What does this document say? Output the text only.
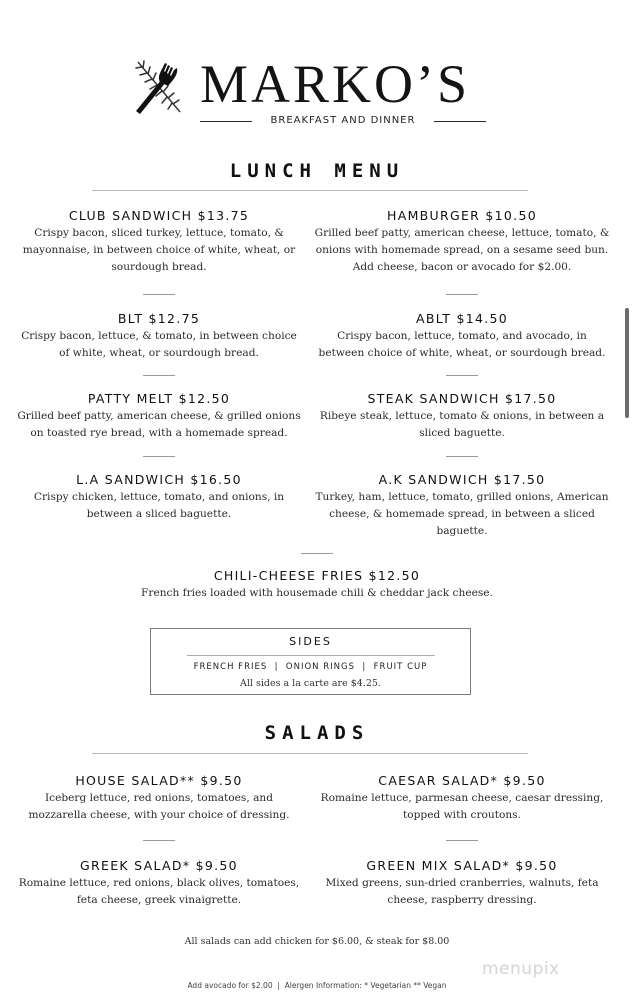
MARKO’S
BREAKFAST AND DINNER
LUNCH MENU
CLUB SANDWICH $13.75
Crispy bacon, sliced turkey, lettuce, tomato, & mayonnaise, in between choice of white, wheat, or sourdough bread.
HAMBURGER $10.50
Grilled beef patty, american cheese, lettuce, tomato, & onions with homemade spread, on a sesame seed bun. Add cheese, bacon or avocado for $2.00.
BLT $12.75
Crispy bacon, lettuce, & tomato, in between choice of white, wheat, or sourdough bread.
ABLT $14.50
Crispy bacon, lettuce, tomato, and avocado, in between choice of white, wheat, or sourdough bread.
PATTY MELT $12.50
Grilled beef patty, american cheese, & grilled onions on toasted rye bread, with a homemade spread.
STEAK SANDWICH $17.50
Ribeye steak, lettuce, tomato & onions, in between a sliced baguette.
L.A SANDWICH $16.50
Crispy chicken, lettuce, tomato, and onions, in between a sliced baguette.
A.K SANDWICH $17.50
Turkey, ham, lettuce, tomato, grilled onions, American cheese, & homemade spread, in between a sliced baguette.
CHILI-CHEESE FRIES $12.50
French fries loaded with housemade chili & cheddar jack cheese.
SIDES
FRENCH FRIES  |  ONION RINGS  |  FRUIT CUP
All sides a la carte are $4.25.
SALADS
HOUSE SALAD** $9.50
Iceberg lettuce, red onions, tomatoes, and mozzarella cheese, with your choice of dressing.
CAESAR SALAD* $9.50
Romaine lettuce, parmesan cheese, caesar dressing, topped with croutons.
GREEK SALAD* $9.50
Romaine lettuce, red onions, black olives, tomatoes, feta cheese, greek vinaigrette.
GREEN MIX SALAD* $9.50
Mixed greens, sun-dried cranberries, walnuts, feta cheese, raspberry dressing.
All salads can add chicken for $6.00, & steak for $8.00
Add avocado for $2.00  |  Alergen Information: * Vegetarian ** Vegan
menupix
